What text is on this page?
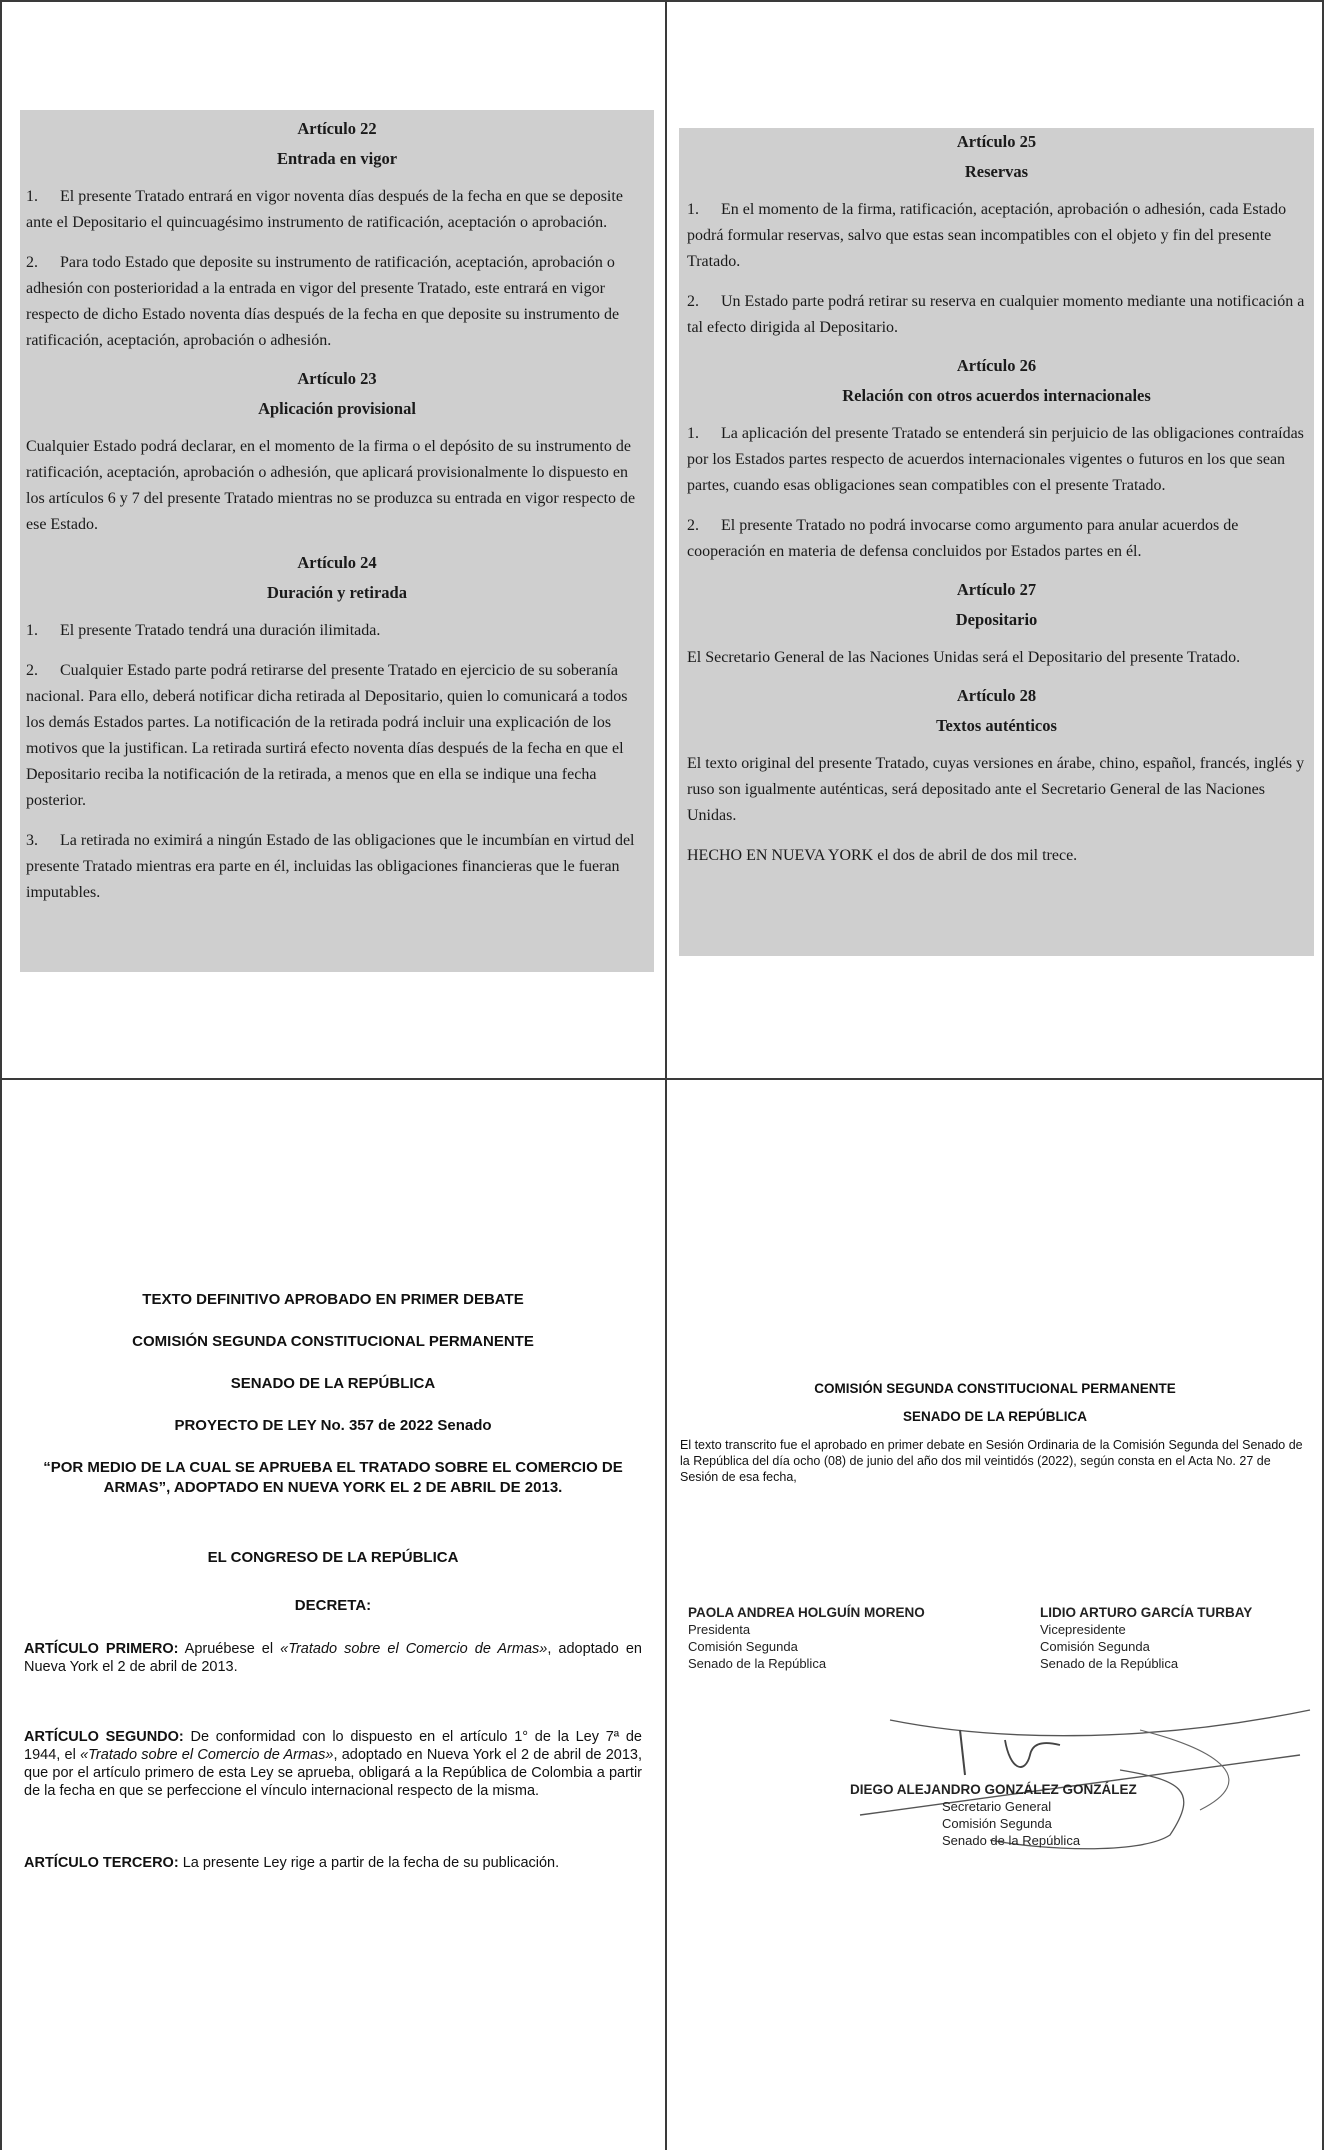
Artículo 22

Entrada en vigor

1. El presente Tratado entrará en vigor noventa días después de la fecha en que se deposite ante el Depositario el quincuagésimo instrumento de ratificación, aceptación o aprobación.

2. Para todo Estado que deposite su instrumento de ratificación, aceptación, aprobación o adhesión con posterioridad a la entrada en vigor del presente Tratado, este entrará en vigor respecto de dicho Estado noventa días después de la fecha en que deposite su instrumento de ratificación, aceptación, aprobación o adhesión.

Artículo 23

Aplicación provisional

Cualquier Estado podrá declarar, en el momento de la firma o el depósito de su instrumento de ratificación, aceptación, aprobación o adhesión, que aplicará provisionalmente lo dispuesto en los artículos 6 y 7 del presente Tratado mientras no se produzca su entrada en vigor respecto de ese Estado.

Artículo 24

Duración y retirada

1. El presente Tratado tendrá una duración ilimitada.

2. Cualquier Estado parte podrá retirarse del presente Tratado en ejercicio de su soberanía nacional. Para ello, deberá notificar dicha retirada al Depositario, quien lo comunicará a todos los demás Estados partes. La notificación de la retirada podrá incluir una explicación de los motivos que la justifican. La retirada surtirá efecto noventa días después de la fecha en que el Depositario reciba la notificación de la retirada, a menos que en ella se indique una fecha posterior.

3. La retirada no eximirá a ningún Estado de las obligaciones que le incumbían en virtud del presente Tratado mientras era parte en él, incluidas las obligaciones financieras que le fueran imputables.

Artículo 25

Reservas

1. En el momento de la firma, ratificación, aceptación, aprobación o adhesión, cada Estado podrá formular reservas, salvo que estas sean incompatibles con el objeto y fin del presente Tratado.

2. Un Estado parte podrá retirar su reserva en cualquier momento mediante una notificación a tal efecto dirigida al Depositario.

Artículo 26

Relación con otros acuerdos internacionales

1. La aplicación del presente Tratado se entenderá sin perjuicio de las obligaciones contraídas por los Estados partes respecto de acuerdos internacionales vigentes o futuros en los que sean partes, cuando esas obligaciones sean compatibles con el presente Tratado.

2. El presente Tratado no podrá invocarse como argumento para anular acuerdos de cooperación en materia de defensa concluidos por Estados partes en él.

Artículo 27

Depositario

El Secretario General de las Naciones Unidas será el Depositario del presente Tratado.

Artículo 28

Textos auténticos

El texto original del presente Tratado, cuyas versiones en árabe, chino, español, francés, inglés y ruso son igualmente auténticas, será depositado ante el Secretario General de las Naciones Unidas.

HECHO EN NUEVA YORK el dos de abril de dos mil trece.

TEXTO DEFINITIVO APROBADO EN PRIMER DEBATE

COMISIÓN SEGUNDA CONSTITUCIONAL PERMANENTE

SENADO DE LA REPÚBLICA

PROYECTO DE LEY No. 357 de 2022 Senado

“POR MEDIO DE LA CUAL SE APRUEBA EL TRATADO SOBRE EL COMERCIO DE ARMAS”, ADOPTADO EN NUEVA YORK EL 2 DE ABRIL DE 2013.

EL CONGRESO DE LA REPÚBLICA

DECRETA:

ARTÍCULO PRIMERO: Apruébese el «Tratado sobre el Comercio de Armas», adoptado en Nueva York el 2 de abril de 2013.

ARTÍCULO SEGUNDO: De conformidad con lo dispuesto en el artículo 1° de la Ley 7ª de 1944, el «Tratado sobre el Comercio de Armas», adoptado en Nueva York el 2 de abril de 2013, que por el artículo primero de esta Ley se aprueba, obligará a la República de Colombia a partir de la fecha en que se perfeccione el vínculo internacional respecto de la misma.

ARTÍCULO TERCERO: La presente Ley rige a partir de la fecha de su publicación.

COMISIÓN SEGUNDA CONSTITUCIONAL PERMANENTE

SENADO DE LA REPÚBLICA

El texto transcrito fue el aprobado en primer debate en Sesión Ordinaria de la Comisión Segunda del Senado de la República del día ocho (08) de junio del año dos mil veintidós (2022), según consta en el Acta No. 27 de Sesión de esa fecha,

PAOLA ANDREA HOLGUÍN MORENO
Presidenta
Comisión Segunda
Senado de la República
LIDIO ARTURO GARCÍA TURBAY
Vicepresidente
Comisión Segunda
Senado de la República
DIEGO ALEJANDRO GONZÁLEZ GONZÁLEZ
Secretario General
Comisión Segunda
Senado de la República
